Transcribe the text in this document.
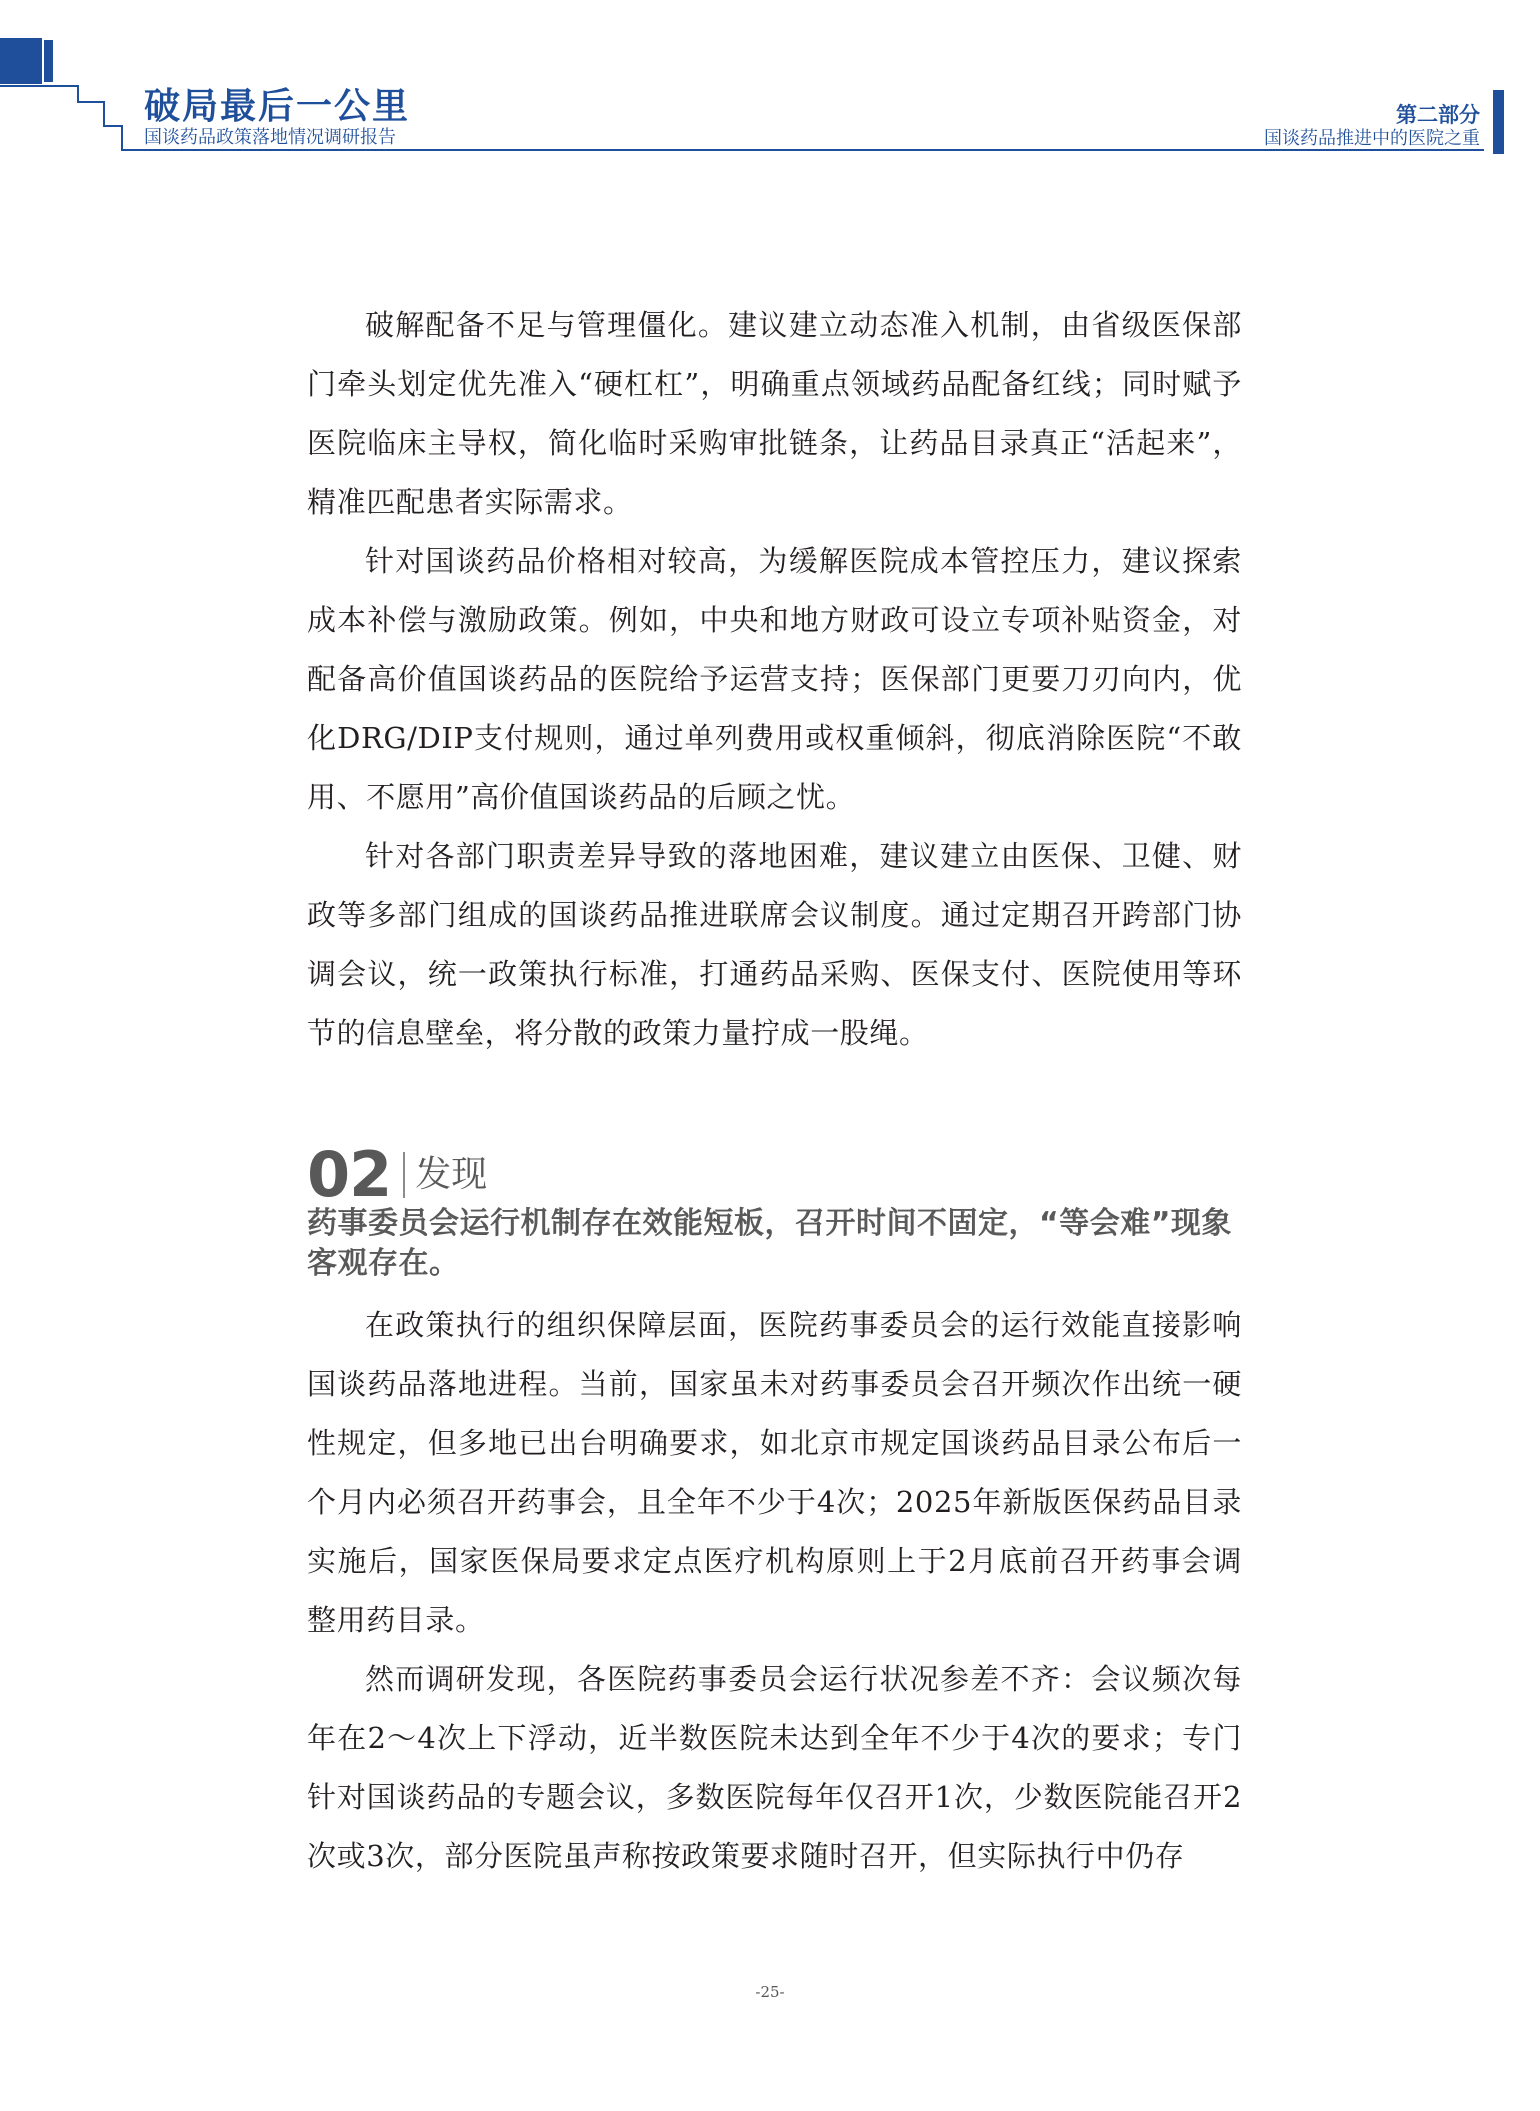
破局最后一公里
国谈药品政策落地情况调研报告
第二部分
国谈药品推进中的医院之重

破解配备不足与管理僵化。建议建立动态准入机制，由省级医保部门牵头划定优先准入“硬杠杠”，明确重点领域药品配备红线；同时赋予医院临床主导权，简化临时采购审批链条，让药品目录真正“活起来”，精准匹配患者实际需求。

针对国谈药品价格相对较高，为缓解医院成本管控压力，建议探索成本补偿与激励政策。例如，中央和地方财政可设立专项补贴资金，对配备高价值国谈药品的医院给予运营支持；医保部门更要刀刃向内，优化DRG/DIP支付规则，通过单列费用或权重倾斜，彻底消除医院“不敢用、不愿用”高价值国谈药品的后顾之忧。

针对各部门职责差异导致的落地困难，建议建立由医保、卫健、财政等多部门组成的国谈药品推进联席会议制度。通过定期召开跨部门协调会议，统一政策执行标准，打通药品采购、医保支付、医院使用等环节的信息壁垒，将分散的政策力量拧成一股绳。

02 发现

药事委员会运行机制存在效能短板，召开时间不固定，“等会难”现象客观存在。

在政策执行的组织保障层面，医院药事委员会的运行效能直接影响国谈药品落地进程。当前，国家虽未对药事委员会召开频次作出统一硬性规定，但多地已出台明确要求，如北京市规定国谈药品目录公布后一个月内必须召开药事会，且全年不少于4次；2025年新版医保药品目录实施后，国家医保局要求定点医疗机构原则上于2月底前召开药事会调整用药目录。

然而调研发现，各医院药事委员会运行状况参差不齐：会议频次每年在2～4次上下浮动，近半数医院未达到全年不少于4次的要求；专门针对国谈药品的专题会议，多数医院每年仅召开1次，少数医院能召开2次或3次，部分医院虽声称按政策要求随时召开，但实际执行中仍存

-25-
